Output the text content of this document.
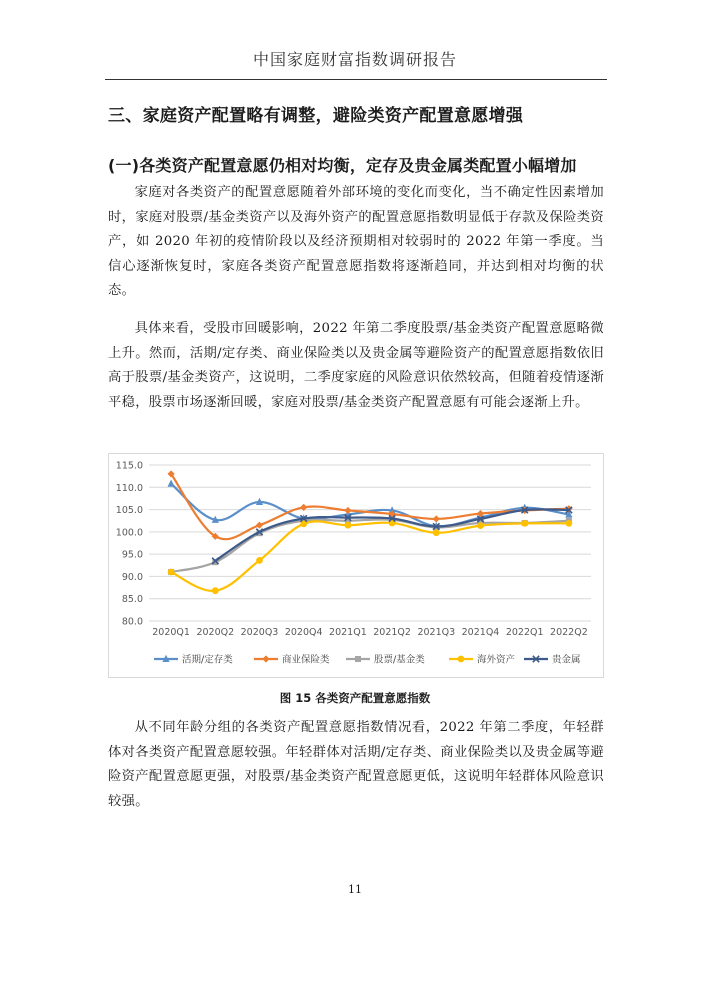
中国家庭财富指数调研报告
三、家庭资产配置略有调整，避险类资产配置意愿增强
(一)各类资产配置意愿仍相对均衡，定存及贵金属类配置小幅增加

家庭对各类资产的配置意愿随着外部环境的变化而变化，当不确定性因素增加时，家庭对股票/基金类资产以及海外资产的配置意愿指数明显低于存款及保险类资产，如 2020 年初的疫情阶段以及经济预期相对较弱时的 2022 年第一季度。当信心逐渐恢复时，家庭各类资产配置意愿指数将逐渐趋同，并达到相对均衡的状态。

具体来看，受股市回暖影响，2022 年第二季度股票/基金类资产配置意愿略微上升。然而，活期/定存类、商业保险类以及贵金属等避险资产的配置意愿指数依旧高于股票/基金类资产，这说明，二季度家庭的风险意识依然较高，但随着疫情逐渐平稳，股票市场逐渐回暖，家庭对股票/基金类资产配置意愿有可能会逐渐上升。

115.0
110.0
105.0
100.0
95.0
90.0
85.0
80.0
2020Q1 2020Q2 2020Q3 2020Q4 2021Q1 2021Q2 2021Q3 2021Q4 2022Q1 2022Q2
活期/定存类	商业保险类	股票/基金类	海外资产	贵金属
图 15 各类资产配置意愿指数

从不同年龄分组的各类资产配置意愿指数情况看，2022 年第二季度，年轻群体对各类资产配置意愿较强。年轻群体对活期/定存类、商业保险类以及贵金属等避险资产配置意愿更强，对股票/基金类资产配置意愿更低，这说明年轻群体风险意识较强。

11
